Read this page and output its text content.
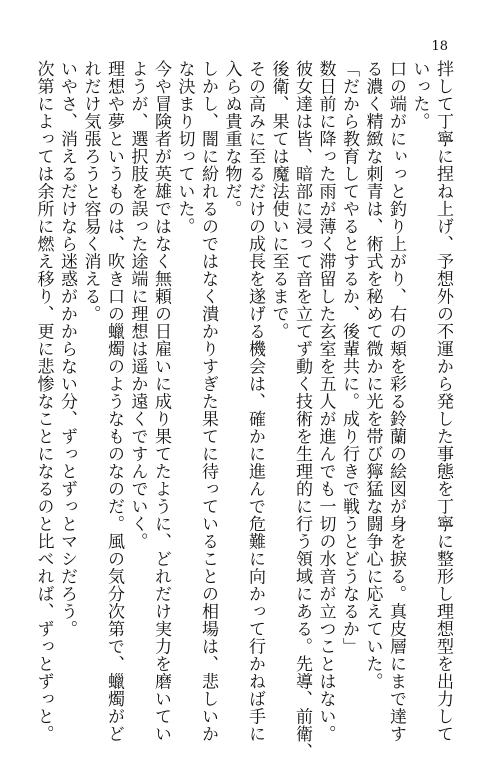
18
拌して丁寧に捏ね上げ、予想外の不運から発した事態を丁寧に整形し理想型を出力して
いった。
口の端がにぃっと釣り上がり、右の頬を彩る鈴蘭の絵図が身を捩る。真皮層にまで達す
る濃く精緻な刺青は、術式を秘めて微かに光を帯び獰猛な闘争心に応えていた。
「だから教育してやるとするか、後輩共に。成り行きで戦うとどうなるか」
数日前に降った雨が薄く滞留した玄室を五人が進んでも一切の水音が立つことはない。
彼女達は皆、暗部に浸って音を立てず動く技術を生理的に行う領域にある。先導、前衛、
後衛、果ては魔法使いに至るまで。
その高みに至るだけの成長を遂げる機会は、確かに進んで危難に向かって行かねば手に
入らぬ貴重な物だ。
しかし、闇に紛れるのではなく潰かりすぎた果てに待っていることの相場は、悲しいか
な決まり切っていた。
今や冒険者が英雄ではなく無頼の日雇いに成り果てたように、どれだけ実力を磨いてい
ようが、選択肢を誤った途端に理想は遥か遠くですんでいく。
理想や夢というものは、吹き口の蠟燭のようなものなのだ。風の気分次第で、蠟燭がど
れだけ気張ろうと容易く消える。
いやさ、消えるだけなら迷惑がかからない分、ずっとずっとマシだろう。
次第によっては余所に燃え移り、更に悲惨なことになるのと比べれば、ずっとずっと。
